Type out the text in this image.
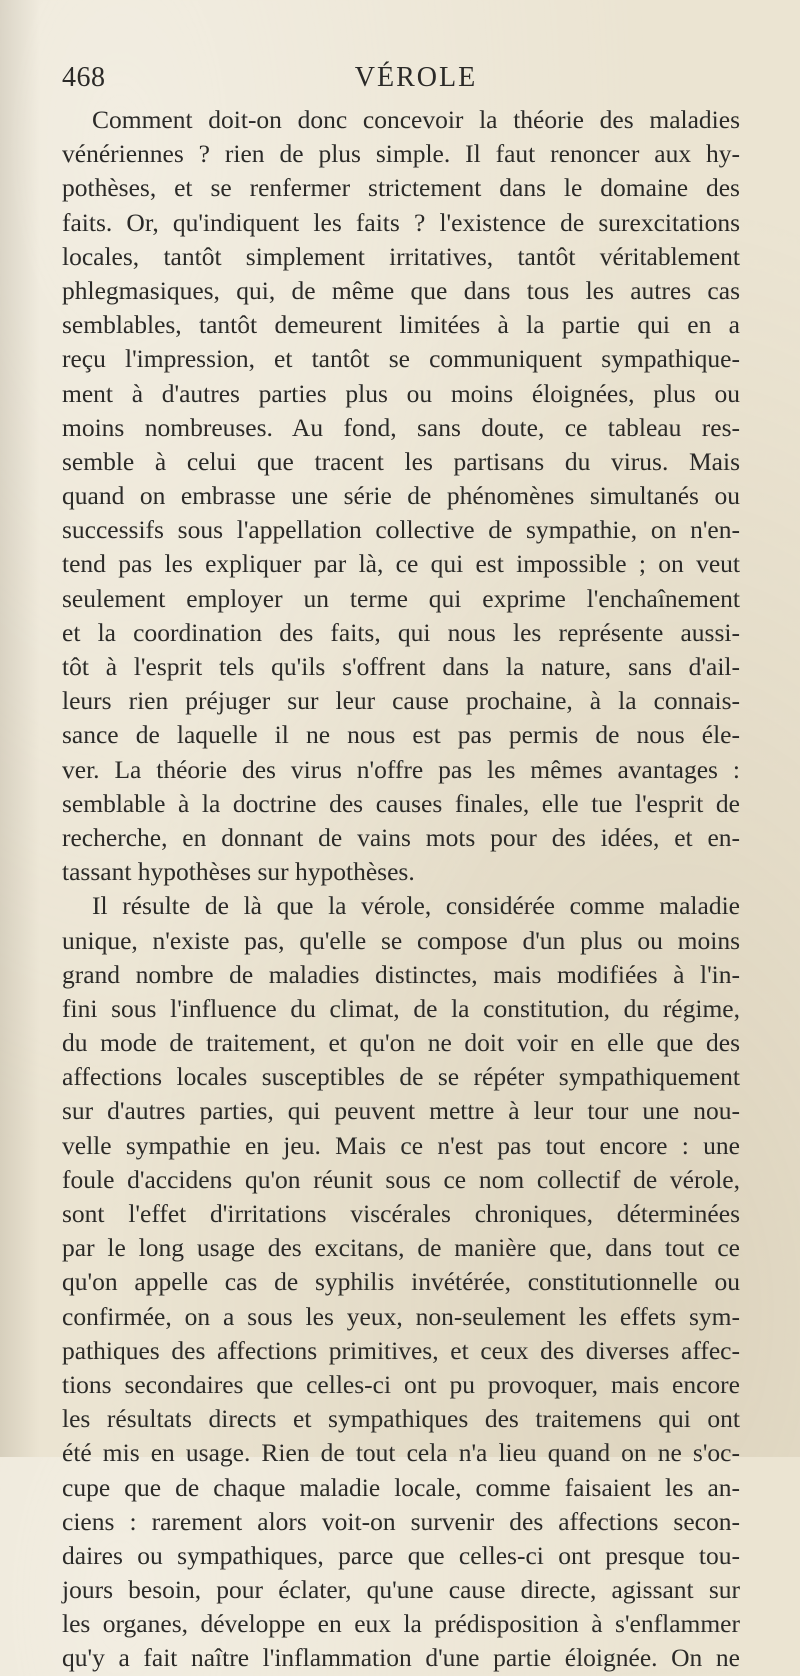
468	VÉROLE
Comment doit-on donc concevoir la théorie des maladies
vénériennes ? rien de plus simple. Il faut renoncer aux hy-
pothèses, et se renfermer strictement dans le domaine des
faits. Or, qu'indiquent les faits ? l'existence de surexcitations
locales, tantôt simplement irritatives, tantôt véritablement
phlegmasiques, qui, de même que dans tous les autres cas
semblables, tantôt demeurent limitées à la partie qui en a
reçu l'impression, et tantôt se communiquent sympathique-
ment à d'autres parties plus ou moins éloignées, plus ou
moins nombreuses. Au fond, sans doute, ce tableau res-
semble à celui que tracent les partisans du virus. Mais
quand on embrasse une série de phénomènes simultanés ou
successifs sous l'appellation collective de sympathie, on n'en-
tend pas les expliquer par là, ce qui est impossible ; on veut
seulement employer un terme qui exprime l'enchaînement
et la coordination des faits, qui nous les représente aussi-
tôt à l'esprit tels qu'ils s'offrent dans la nature, sans d'ail-
leurs rien préjuger sur leur cause prochaine, à la connais-
sance de laquelle il ne nous est pas permis de nous éle-
ver. La théorie des virus n'offre pas les mêmes avantages :
semblable à la doctrine des causes finales, elle tue l'esprit de
recherche, en donnant de vains mots pour des idées, et en-
tassant hypothèses sur hypothèses.
Il résulte de là que la vérole, considérée comme maladie
unique, n'existe pas, qu'elle se compose d'un plus ou moins
grand nombre de maladies distinctes, mais modifiées à l'in-
fini sous l'influence du climat, de la constitution, du régime,
du mode de traitement, et qu'on ne doit voir en elle que des
affections locales susceptibles de se répéter sympathiquement
sur d'autres parties, qui peuvent mettre à leur tour une nou-
velle sympathie en jeu. Mais ce n'est pas tout encore : une
foule d'accidens qu'on réunit sous ce nom collectif de vérole,
sont l'effet d'irritations viscérales chroniques, déterminées
par le long usage des excitans, de manière que, dans tout ce
qu'on appelle cas de syphilis invétérée, constitutionnelle ou
confirmée, on a sous les yeux, non-seulement les effets sym-
pathiques des affections primitives, et ceux des diverses affec-
tions secondaires que celles-ci ont pu provoquer, mais encore
les résultats directs et sympathiques des traitemens qui ont
été mis en usage. Rien de tout cela n'a lieu quand on ne s'oc-
cupe que de chaque maladie locale, comme faisaient les an-
ciens : rarement alors voit-on survenir des affections secon-
daires ou sympathiques, parce que celles-ci ont presque tou-
jours besoin, pour éclater, qu'une cause directe, agissant sur
les organes, développe en eux la prédisposition à s'enflammer
qu'y a fait naître l'inflammation d'une partie éloignée. On ne
